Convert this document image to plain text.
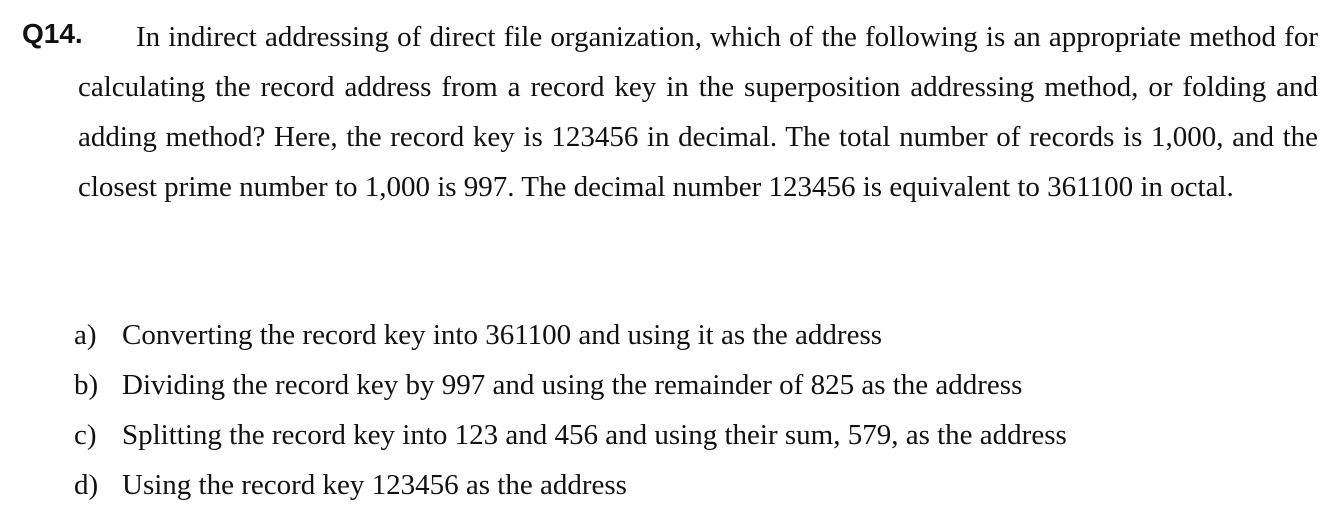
Q14.	In indirect addressing of direct file organization, which of the following is an appropriate method for calculating the record address from a record key in the superposition addressing method, or folding and adding method? Here, the record key is 123456 in decimal. The total number of records is 1,000, and the closest prime number to 1,000 is 997. The decimal number 123456 is equivalent to 361100 in octal.

a) Converting the record key into 361100 and using it as the address
b) Dividing the record key by 997 and using the remainder of 825 as the address
c) Splitting the record key into 123 and 456 and using their sum, 579, as the address
d) Using the record key 123456 as the address
